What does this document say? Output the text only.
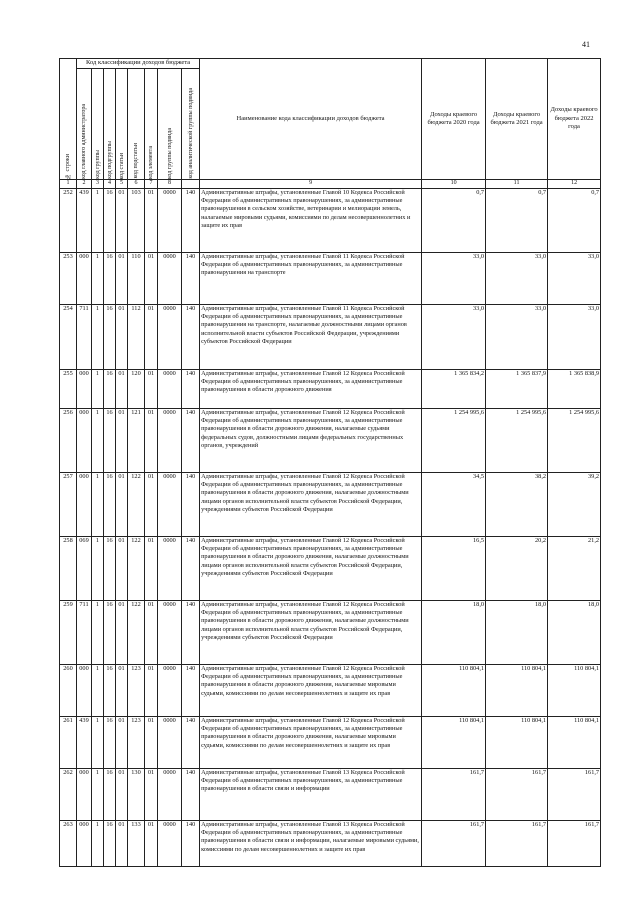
41
№ строки	Код классификации доходов бюджета								Наименование кода классификации доходов бюджета	Доходы краевого бюджета 2020 года	Доходы краевого бюджета 2021 года	Доходы краевого бюджета 2022 года

	код главного администратора	код группы	код подгруппы	код статьи	код подстатьи	код элемента	код группы подвида	код аналитической группы подвида				

1	2	3	4	5	6	7	8		9	10	11	12
252	439	1	16	01	103	01	0000	140	Административные штрафы, установленные Главой 10 Кодекса Российской Федерации об административных правонарушениях, за административные правонарушения в сельском хозяйстве, ветеринарии и мелиорации земель, налагаемые мировыми судьями, комиссиями по делам несовершеннолетних и защите их прав	0,7	0,7	0,7
253	000	1	16	01	110	01	0000	140	Административные штрафы, установленные Главой 11 Кодекса Российской Федерации об административных правонарушениях, за административные правонарушения на транспорте	33,0	33,0	33,0
254	711	1	16	01	112	01	0000	140	Административные штрафы, установленные Главой 11 Кодекса Российской Федерации об административных правонарушениях, за административные правонарушения на транспорте, налагаемые должностными лицами органов исполнительной власти субъектов Российской Федерации, учреждениями субъектов Российской Федерации	33,0	33,0	33,0
255	000	1	16	01	120	01	0000	140	Административные штрафы, установленные Главой 12 Кодекса Российской Федерации об административных правонарушениях, за административные правонарушения в области дорожного движения	1 365 834,2	1 365 837,9	1 365 838,9
256	000	1	16	01	121	01	0000	140	Административные штрафы, установленные Главой 12 Кодекса Российской Федерации об административных правонарушениях, за административные правонарушения в области дорожного движения, налагаемые судьями федеральных судов, должностными лицами федеральных государственных органов, учреждений	1 254 995,6	1 254 995,6	1 254 995,6
257	000	1	16	01	122	01	0000	140	Административные штрафы, установленные Главой 12 Кодекса Российской Федерации об административных правонарушениях, за административные правонарушения в области дорожного движения, налагаемые должностными лицами органов исполнительной власти субъектов Российской Федерации, учреждениями субъектов Российской Федерации	34,5	38,2	39,2
258	069	1	16	01	122	01	0000	140	Административные штрафы, установленные Главой 12 Кодекса Российской Федерации об административных правонарушениях, за административные правонарушения в области дорожного движения, налагаемые должностными лицами органов исполнительной власти субъектов Российской Федерации, учреждениями субъектов Российской Федерации	16,5	20,2	21,2
259	711	1	16	01	122	01	0000	140	Административные штрафы, установленные Главой 12 Кодекса Российской Федерации об административных правонарушениях, за административные правонарушения в области дорожного движения, налагаемые должностными лицами органов исполнительной власти субъектов Российской Федерации, учреждениями субъектов Российской Федерации	18,0	18,0	18,0
260	000	1	16	01	123	01	0000	140	Административные штрафы, установленные Главой 12 Кодекса Российской Федерации об административных правонарушениях, за административные правонарушения в области дорожного движения, налагаемые мировыми судьями, комиссиями по делам несовершеннолетних и защите их прав	110 804,1	110 804,1	110 804,1
261	439	1	16	01	123	01	0000	140	Административные штрафы, установленные Главой 12 Кодекса Российской Федерации об административных правонарушениях, за административные правонарушения в области дорожного движения, налагаемые мировыми судьями, комиссиями по делам несовершеннолетних и защите их прав	110 804,1	110 804,1	110 804,1
262	000	1	16	01	130	01	0000	140	Административные штрафы, установленные Главой 13 Кодекса Российской Федерации об административных правонарушениях, за административные правонарушения в области связи и информации	161,7	161,7	161,7
263	000	1	16	01	133	01	0000	140	Административные штрафы, установленные Главой 13 Кодекса Российской Федерации об административных правонарушениях, за административные правонарушения в области связи и информации, налагаемые мировыми судьями, комиссиями по делам несовершеннолетних и защите их прав	161,7	161,7	161,7
